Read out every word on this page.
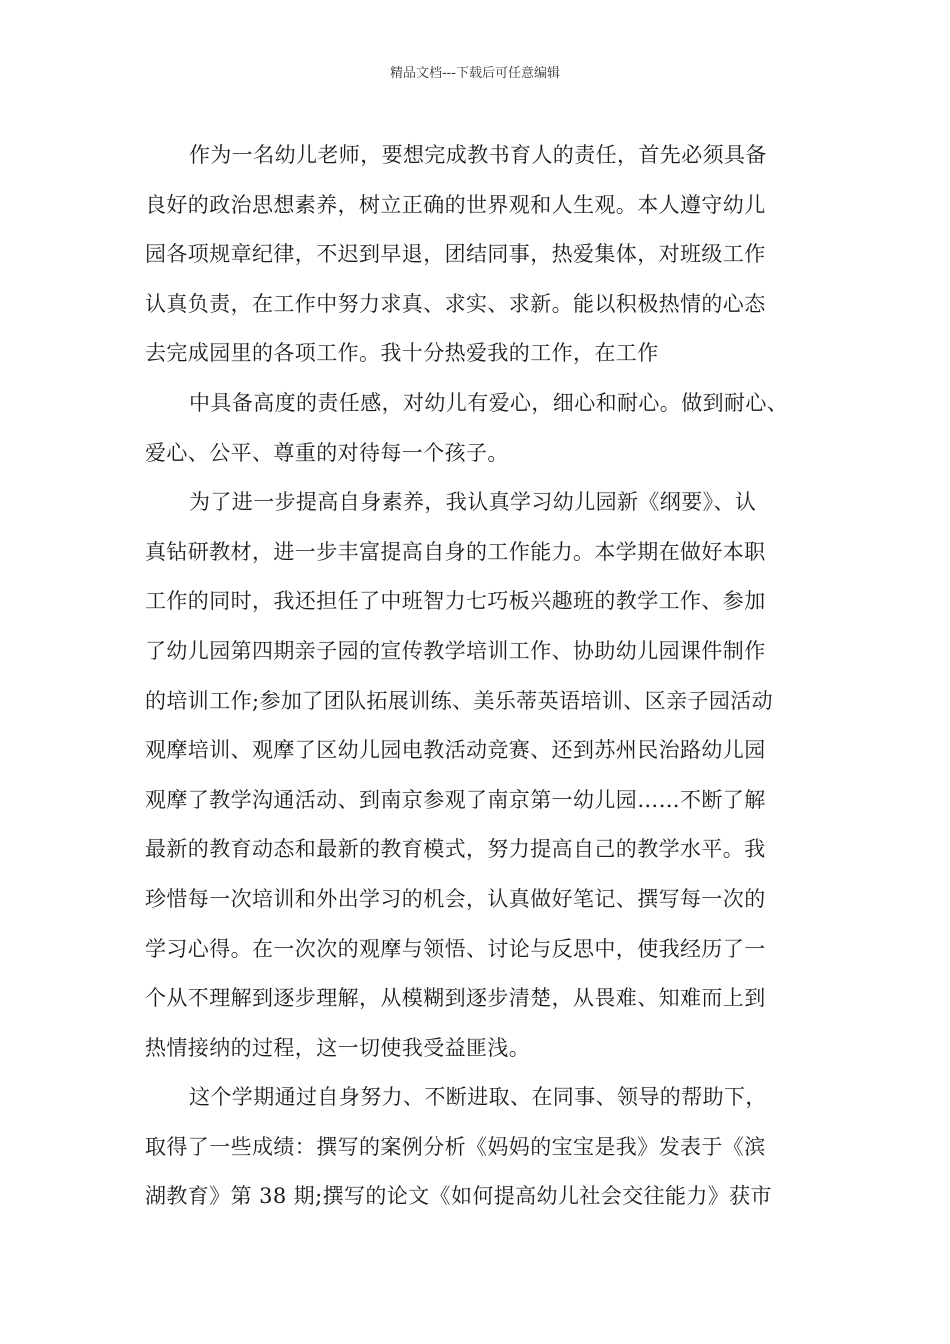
精品文档---下载后可任意编辑
作为一名幼儿老师，要想完成教书育人的责任，首先必须具备
良好的政治思想素养，树立正确的世界观和人生观。本人遵守幼儿
园各项规章纪律，不迟到早退，团结同事，热爱集体，对班级工作
认真负责，在工作中努力求真、求实、求新。能以积极热情的心态
去完成园里的各项工作。我十分热爱我的工作，在工作
中具备高度的责任感，对幼儿有爱心，细心和耐心。做到耐心、
爱心、公平、尊重的对待每一个孩子。
为了进一步提高自身素养，我认真学习幼儿园新《纲要》、认
真钻研教材，进一步丰富提高自身的工作能力。本学期在做好本职
工作的同时，我还担任了中班智力七巧板兴趣班的教学工作、参加
了幼儿园第四期亲子园的宣传教学培训工作、协助幼儿园课件制作
的培训工作;参加了团队拓展训练、美乐蒂英语培训、区亲子园活动
观摩培训、观摩了区幼儿园电教活动竞赛、还到苏州民治路幼儿园
观摩了教学沟通活动、到南京参观了南京第一幼儿园……不断了解
最新的教育动态和最新的教育模式，努力提高自己的教学水平。我
珍惜每一次培训和外出学习的机会，认真做好笔记、撰写每一次的
学习心得。在一次次的观摩与领悟、讨论与反思中，使我经历了一
个从不理解到逐步理解，从模糊到逐步清楚，从畏难、知难而上到
热情接纳的过程，这一切使我受益匪浅。
这个学期通过自身努力、不断进取、在同事、领导的帮助下，
取得了一些成绩：撰写的案例分析《妈妈的宝宝是我》发表于《滨
湖教育》第 38 期;撰写的论文《如何提高幼儿社会交往能力》获市
